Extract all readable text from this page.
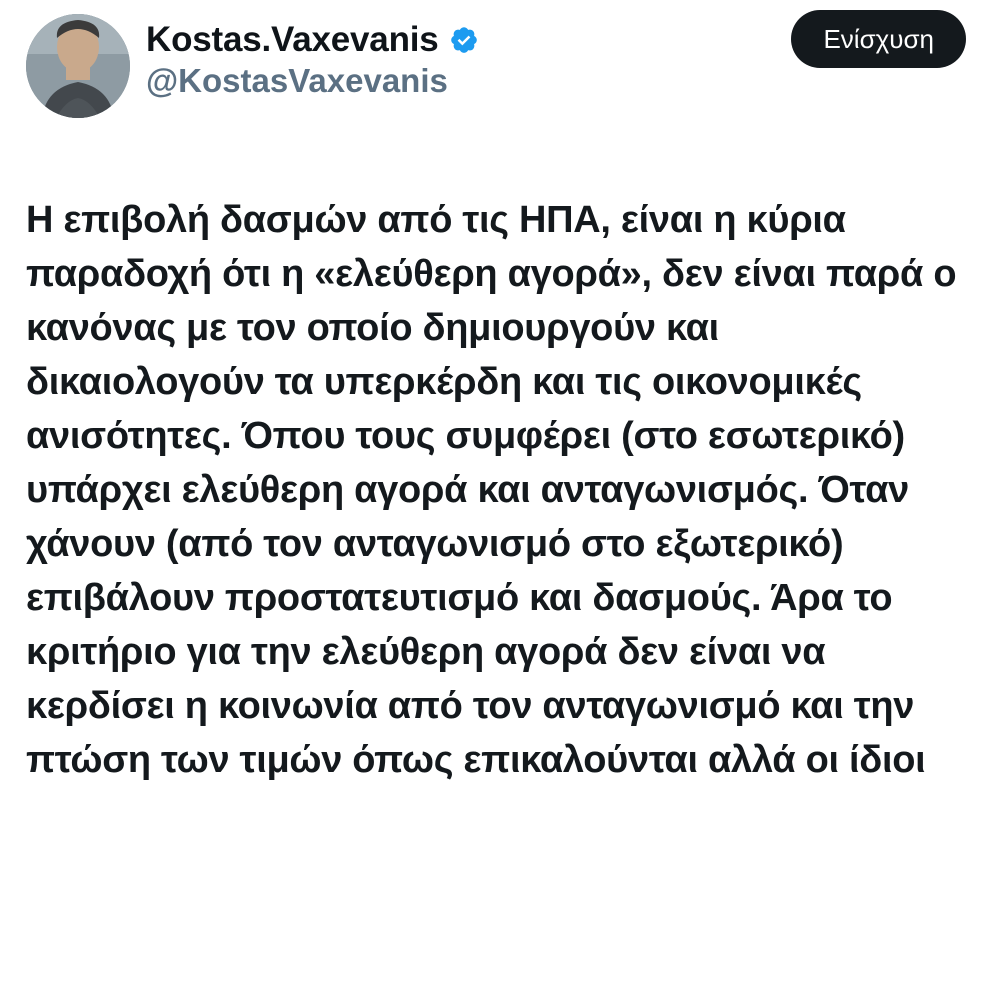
Kostas.Vaxevanis
@KostasVaxevanis
Ενίσχυση
Η επιβολή δασμών από τις ΗΠΑ, είναι η κύρια παραδοχή ότι η «ελεύθερη αγορά», δεν είναι παρά ο κανόνας με τον οποίο δημιουργούν και δικαιολογούν τα υπερκέρδη και τις οικονομικές ανισότητες. Όπου τους συμφέρει (στο εσωτερικό) υπάρχει ελεύθερη αγορά και ανταγωνισμός. Όταν  χάνουν (από τον ανταγωνισμό στο εξωτερικό) επιβάλουν προστατευτισμό και δασμούς. Άρα το κριτήριο για την ελεύθερη αγορά δεν είναι να κερδίσει η κοινωνία από τον ανταγωνισμό και την πτώση των τιμών όπως επικαλούνται αλλά οι ίδιοι
